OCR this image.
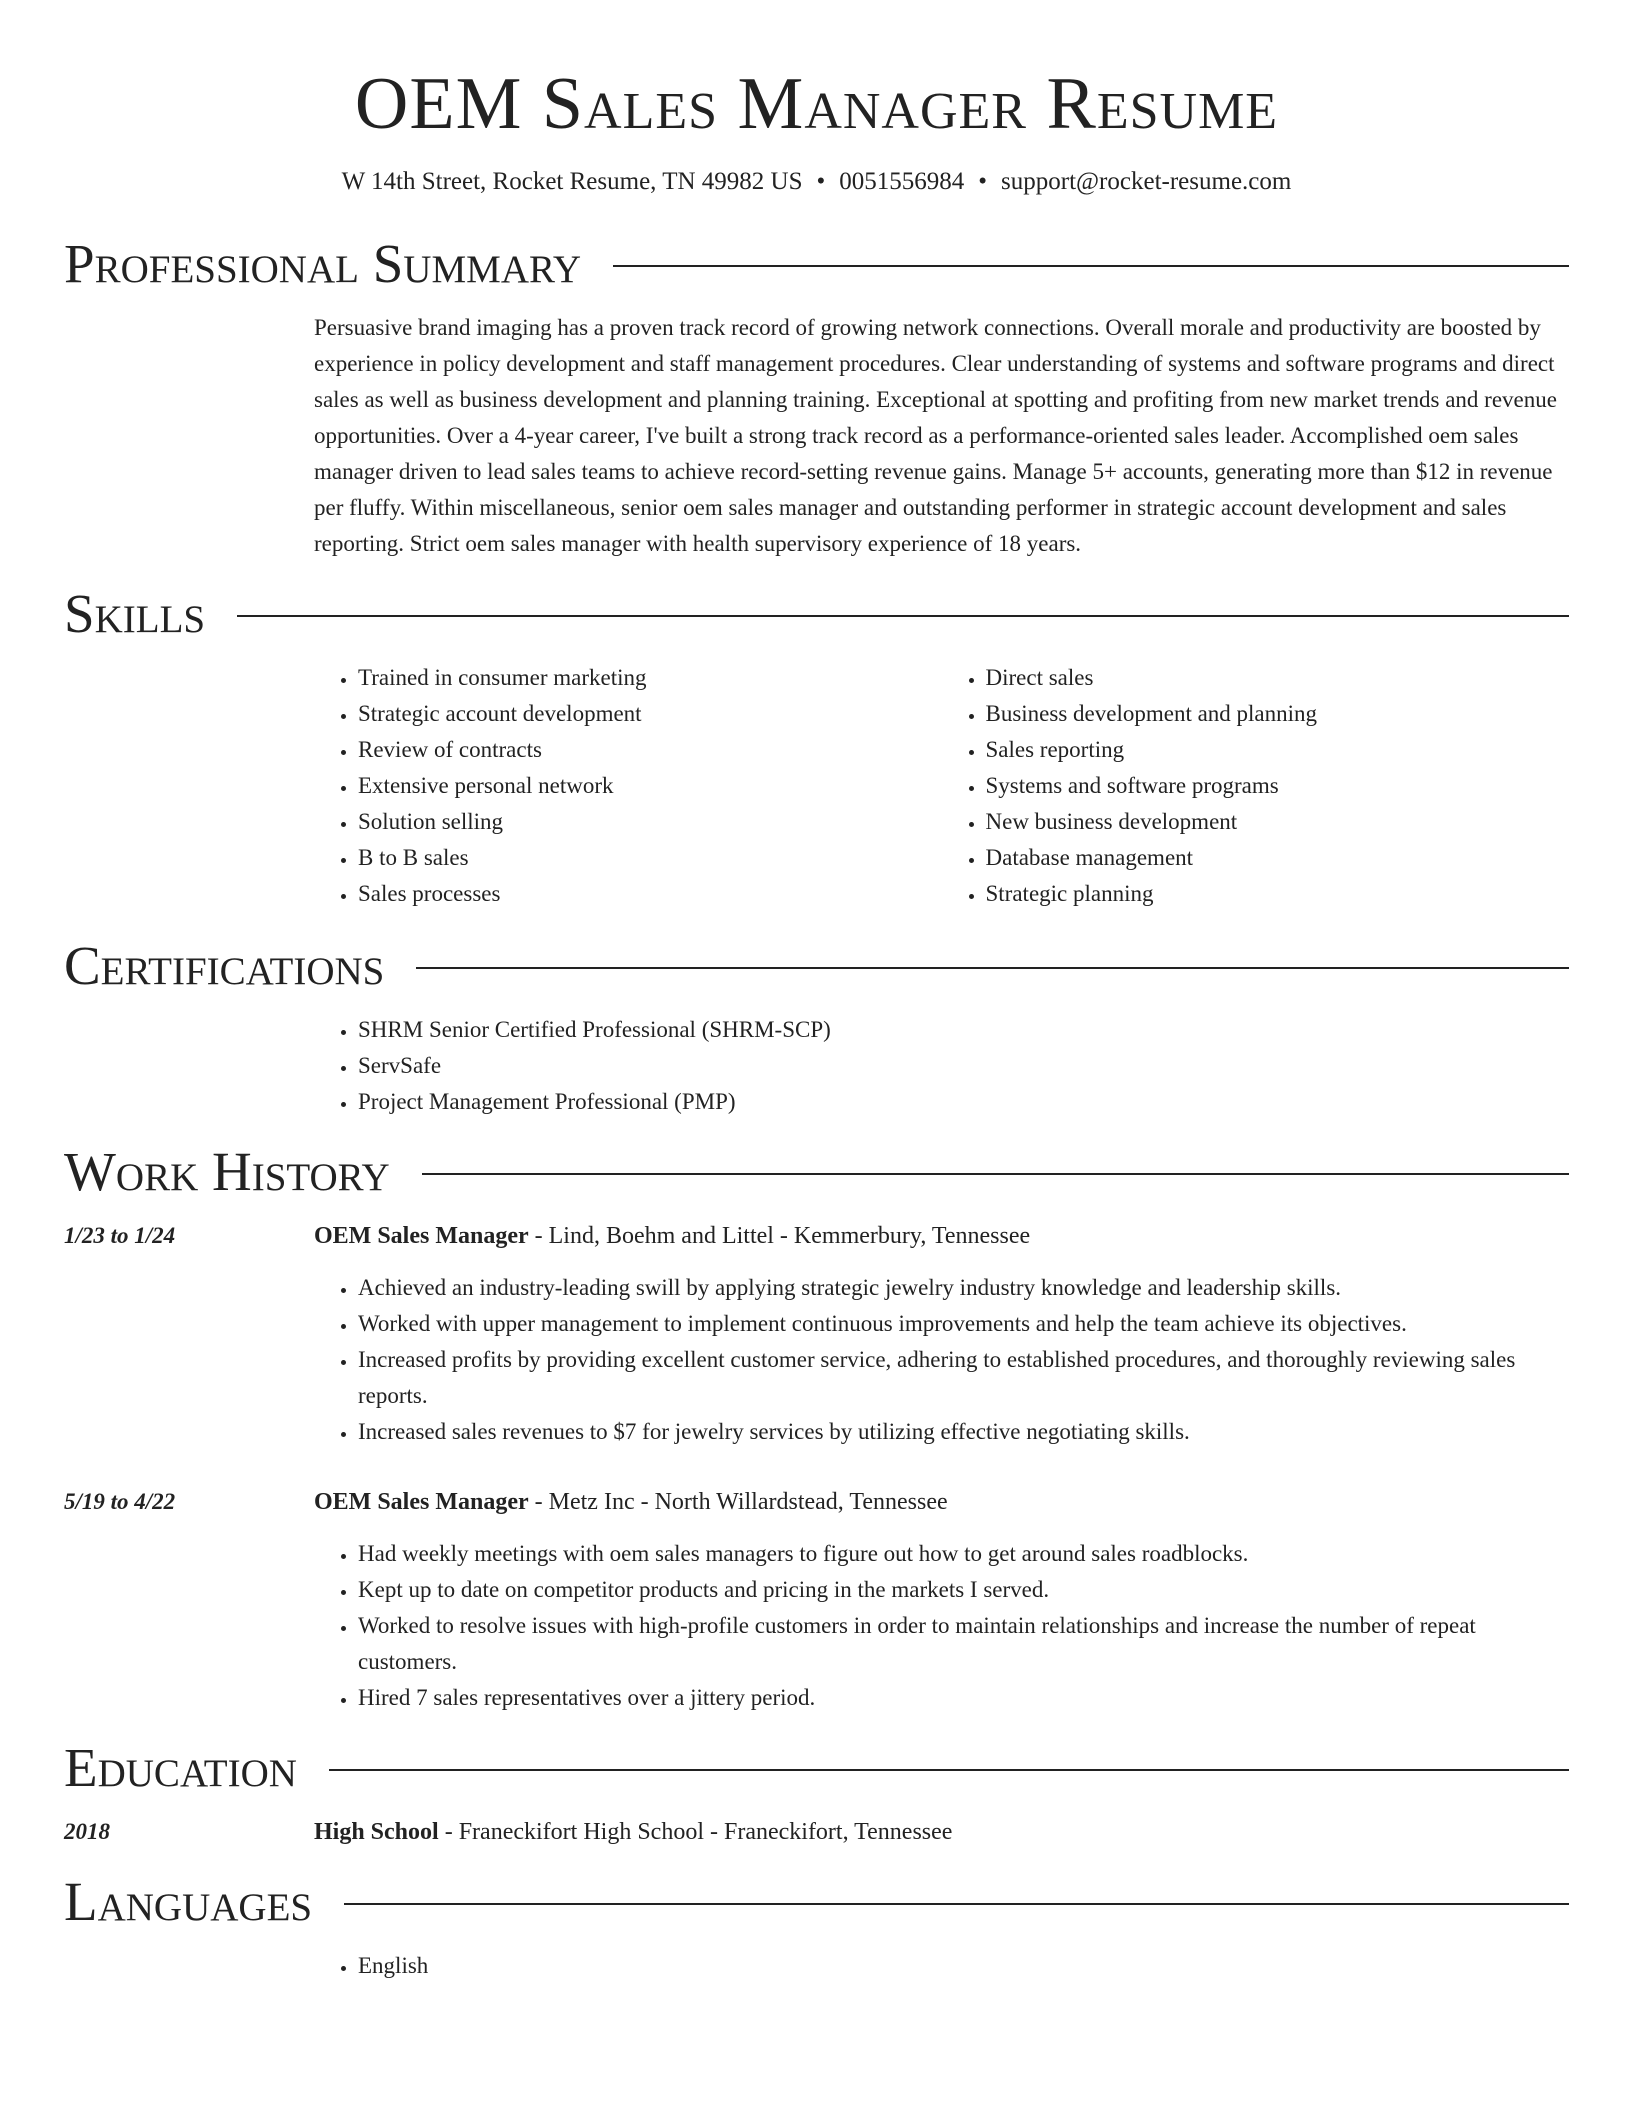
OEM Sales Manager Resume
W 14th Street, Rocket Resume, TN 49982 US • 0051556984 • support@rocket-resume.com
Professional Summary
Persuasive brand imaging has a proven track record of growing network connections. Overall morale and productivity are boosted by experience in policy development and staff management procedures. Clear understanding of systems and software programs and direct sales as well as business development and planning training. Exceptional at spotting and profiting from new market trends and revenue opportunities. Over a 4-year career, I've built a strong track record as a performance-oriented sales leader. Accomplished oem sales manager driven to lead sales teams to achieve record-setting revenue gains. Manage 5+ accounts, generating more than $12 in revenue per fluffy. Within miscellaneous, senior oem sales manager and outstanding performer in strategic account development and sales reporting. Strict oem sales manager with health supervisory experience of 18 years.
Skills
• Trained in consumer marketing
• Strategic account development
• Review of contracts
• Extensive personal network
• Solution selling
• B to B sales
• Sales processes
• Direct sales
• Business development and planning
• Sales reporting
• Systems and software programs
• New business development
• Database management
• Strategic planning
Certifications
• SHRM Senior Certified Professional (SHRM-SCP)
• ServSafe
• Project Management Professional (PMP)
Work History
1/23 to 1/24	OEM Sales Manager - Lind, Boehm and Littel - Kemmerbury, Tennessee
• Achieved an industry-leading swill by applying strategic jewelry industry knowledge and leadership skills.
• Worked with upper management to implement continuous improvements and help the team achieve its objectives.
• Increased profits by providing excellent customer service, adhering to established procedures, and thoroughly reviewing sales reports.
• Increased sales revenues to $7 for jewelry services by utilizing effective negotiating skills.
5/19 to 4/22	OEM Sales Manager - Metz Inc - North Willardstead, Tennessee
• Had weekly meetings with oem sales managers to figure out how to get around sales roadblocks.
• Kept up to date on competitor products and pricing in the markets I served.
• Worked to resolve issues with high-profile customers in order to maintain relationships and increase the number of repeat customers.
• Hired 7 sales representatives over a jittery period.
Education
2018	High School - Franeckifort High School - Franeckifort, Tennessee
Languages
• English
